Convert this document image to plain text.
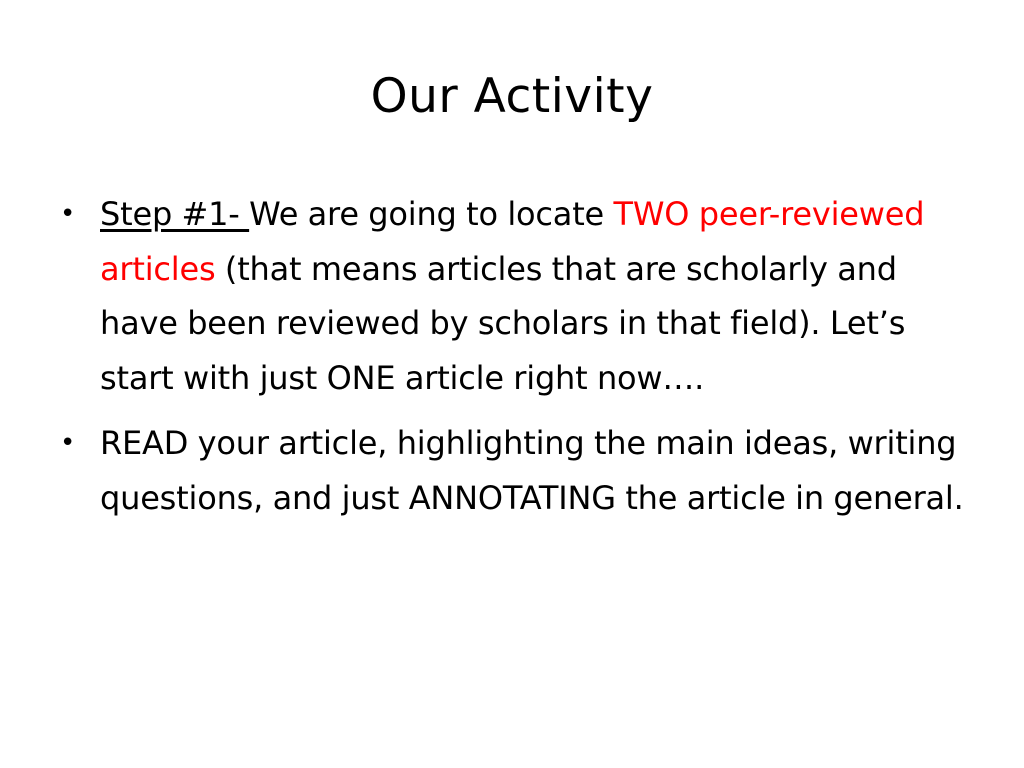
Our Activity
• Step #1- We are going to locate TWO peer-reviewed articles (that means articles that are scholarly and have been reviewed by scholars in that field). Let’s start with just ONE article right now….
• READ your article, highlighting the main ideas, writing questions, and just ANNOTATING the article in general.
